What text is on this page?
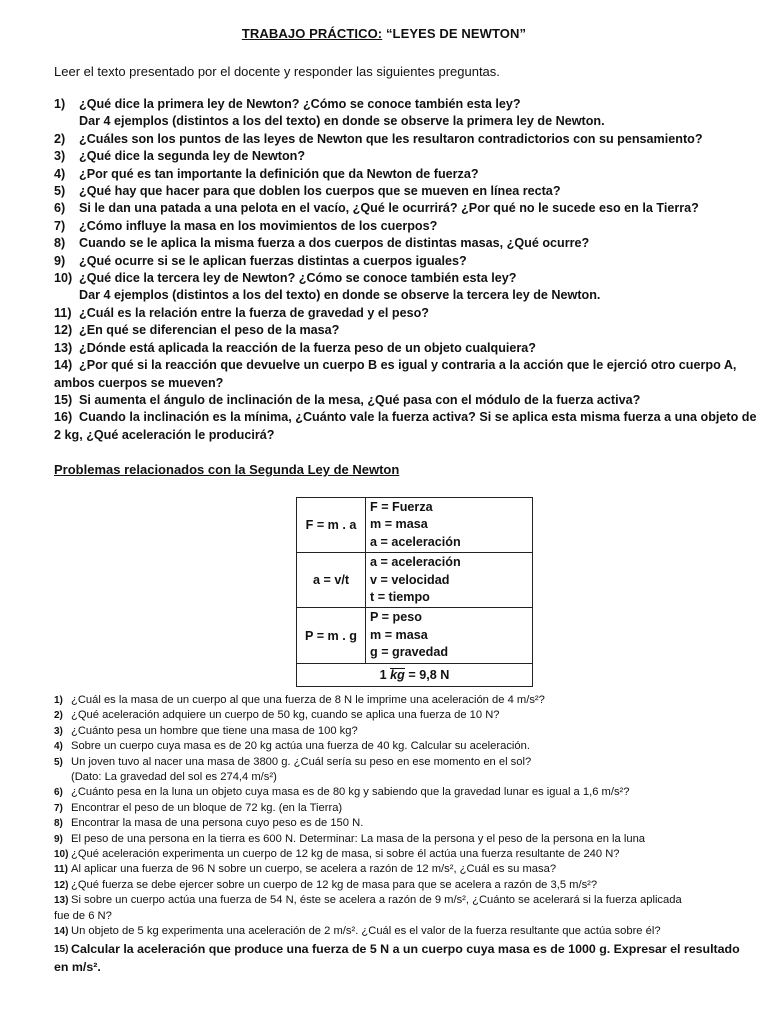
TRABAJO PRÁCTICO: “LEYES DE NEWTON”
Leer el texto presentado por el docente y responder las siguientes preguntas.
1)	¿Qué dice la primera ley de Newton? ¿Cómo se conoce también esta ley?
Dar 4 ejemplos (distintos a los del texto) en donde se observe la primera ley de Newton.
2)	¿Cuáles son los puntos de las leyes de Newton que les resultaron contradictorios con su pensamiento?
3)	¿Qué dice la segunda ley de Newton?
4)	¿Por qué es tan importante la definición que da Newton de fuerza?
5)	¿Qué hay que hacer para que doblen los cuerpos que se mueven en línea recta?
6)	Si le dan una patada a una pelota en el vacío, ¿Qué le ocurrirá? ¿Por qué no le sucede eso en la Tierra?
7)	¿Cómo influye la masa en los movimientos de los cuerpos?
8)	Cuando se le aplica la misma fuerza a dos cuerpos de distintas masas, ¿Qué ocurre?
9)	¿Qué ocurre si se le aplican fuerzas distintas a cuerpos iguales?
10) ¿Qué dice la tercera ley de Newton? ¿Cómo se conoce también esta ley?
Dar 4 ejemplos (distintos a los del texto) en donde se observe la tercera ley de Newton.
11) ¿Cuál es la relación entre la fuerza de gravedad y el peso?
12) ¿En qué se diferencian el peso de la masa?
13) ¿Dónde está aplicada la reacción de la fuerza peso de un objeto cualquiera?
14) ¿Por qué si la reacción que devuelve un cuerpo B es igual y contraria a la acción que le ejerció otro cuerpo A,
ambos cuerpos se mueven?
15) Si aumenta el ángulo de inclinación de la mesa, ¿Qué pasa con el módulo de la fuerza activa?
16) Cuando la inclinación es la mínima, ¿Cuánto vale la fuerza activa? Si se aplica esta misma fuerza a una objeto de
2 kg, ¿Qué aceleración le producirá?
Problemas relacionados con la Segunda Ley de Newton
F = m . a	F = Fuerza
m = masa
a = aceleración

a = v/t	a = aceleración
v = velocidad
t = tiempo

P = m . g	P = peso
m = masa
g = gravedad

1 kg = 9,8 N	
1) ¿Cuál es la masa de un cuerpo al que una fuerza de 8 N le imprime una aceleración de 4 m/s²?
2) ¿Qué aceleración adquiere un cuerpo de 50 kg, cuando se aplica una fuerza de 10 N?
3) ¿Cuánto pesa un hombre que tiene una masa de 100 kg?
4) Sobre un cuerpo cuya masa es de 20 kg actúa una fuerza de 40 kg. Calcular su aceleración.
5) Un joven tuvo al nacer una masa de 3800 g. ¿Cuál sería su peso en ese momento en el sol?
(Dato: La gravedad del sol es 274,4 m/s²)
6) ¿Cuánto pesa en la luna un objeto cuya masa es de 80 kg y sabiendo que la gravedad lunar es igual a 1,6 m/s²?
7) Encontrar el peso de un bloque de 72 kg. (en la Tierra)
8) Encontrar la masa de una persona cuyo peso es de 150 N.
9) El peso de una persona en la tierra es 600 N. Determinar: La masa de la persona y el peso de la persona en la luna
10) ¿Qué aceleración experimenta un cuerpo de 12 kg de masa, si sobre él actúa una fuerza resultante de 240 N?
11) Al aplicar una fuerza de 96 N sobre un cuerpo, se acelera a razón de 12 m/s², ¿Cuál es su masa?
12) ¿Qué fuerza se debe ejercer sobre un cuerpo de 12 kg de masa para que se acelera a razón de 3,5 m/s²?
13) Si sobre un cuerpo actúa una fuerza de 54 N, éste se acelera a razón de 9 m/s², ¿Cuánto se acelerará si la fuerza aplicada
fue de 6 N?
14) Un objeto de 5 kg experimenta una aceleración de 2 m/s². ¿Cuál es el valor de la fuerza resultante que actúa sobre él?
15) Calcular la aceleración que produce una fuerza de 5 N a un cuerpo cuya masa es de 1000 g. Expresar el resultado
en m/s².
